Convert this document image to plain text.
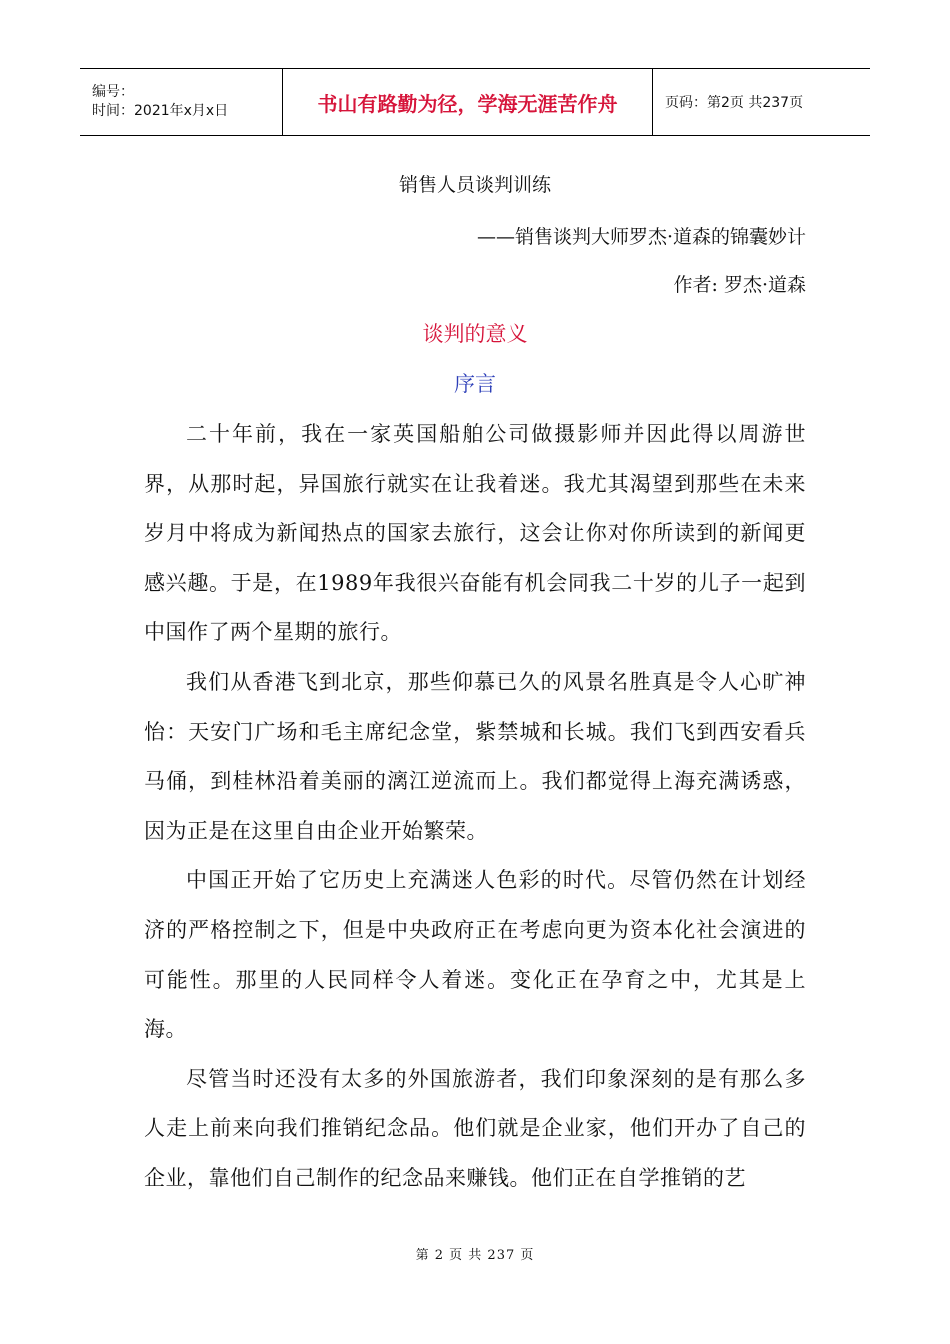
编号：
时间：2021年x月x日	书山有路勤为径，学海无涯苦作舟	页码：第2页 共237页
销售人员谈判训练
——销售谈判大师罗杰·道森的锦囊妙计
作者: 罗杰·道森
谈判的意义
序言

二十年前，我在一家英国船舶公司做摄影师并因此得以周游世界，从那时起，异国旅行就实在让我着迷。我尤其渴望到那些在未来岁月中将成为新闻热点的国家去旅行，这会让你对你所读到的新闻更感兴趣。于是，在1989年我很兴奋能有机会同我二十岁的儿子一起到中国作了两个星期的旅行。

我们从香港飞到北京，那些仰慕已久的风景名胜真是令人心旷神怡：天安门广场和毛主席纪念堂，紫禁城和长城。我们飞到西安看兵马俑，到桂林沿着美丽的漓江逆流而上。我们都觉得上海充满诱惑，因为正是在这里自由企业开始繁荣。

中国正开始了它历史上充满迷人色彩的时代。尽管仍然在计划经济的严格控制之下，但是中央政府正在考虑向更为资本化社会演进的可能性。那里的人民同样令人着迷。变化正在孕育之中，尤其是上海。

尽管当时还没有太多的外国旅游者，我们印象深刻的是有那么多人走上前来向我们推销纪念品。他们就是企业家，他们开办了自己的企业，靠他们自己制作的纪念品来赚钱。他们正在自学推销的艺

第 2 页 共 237 页
